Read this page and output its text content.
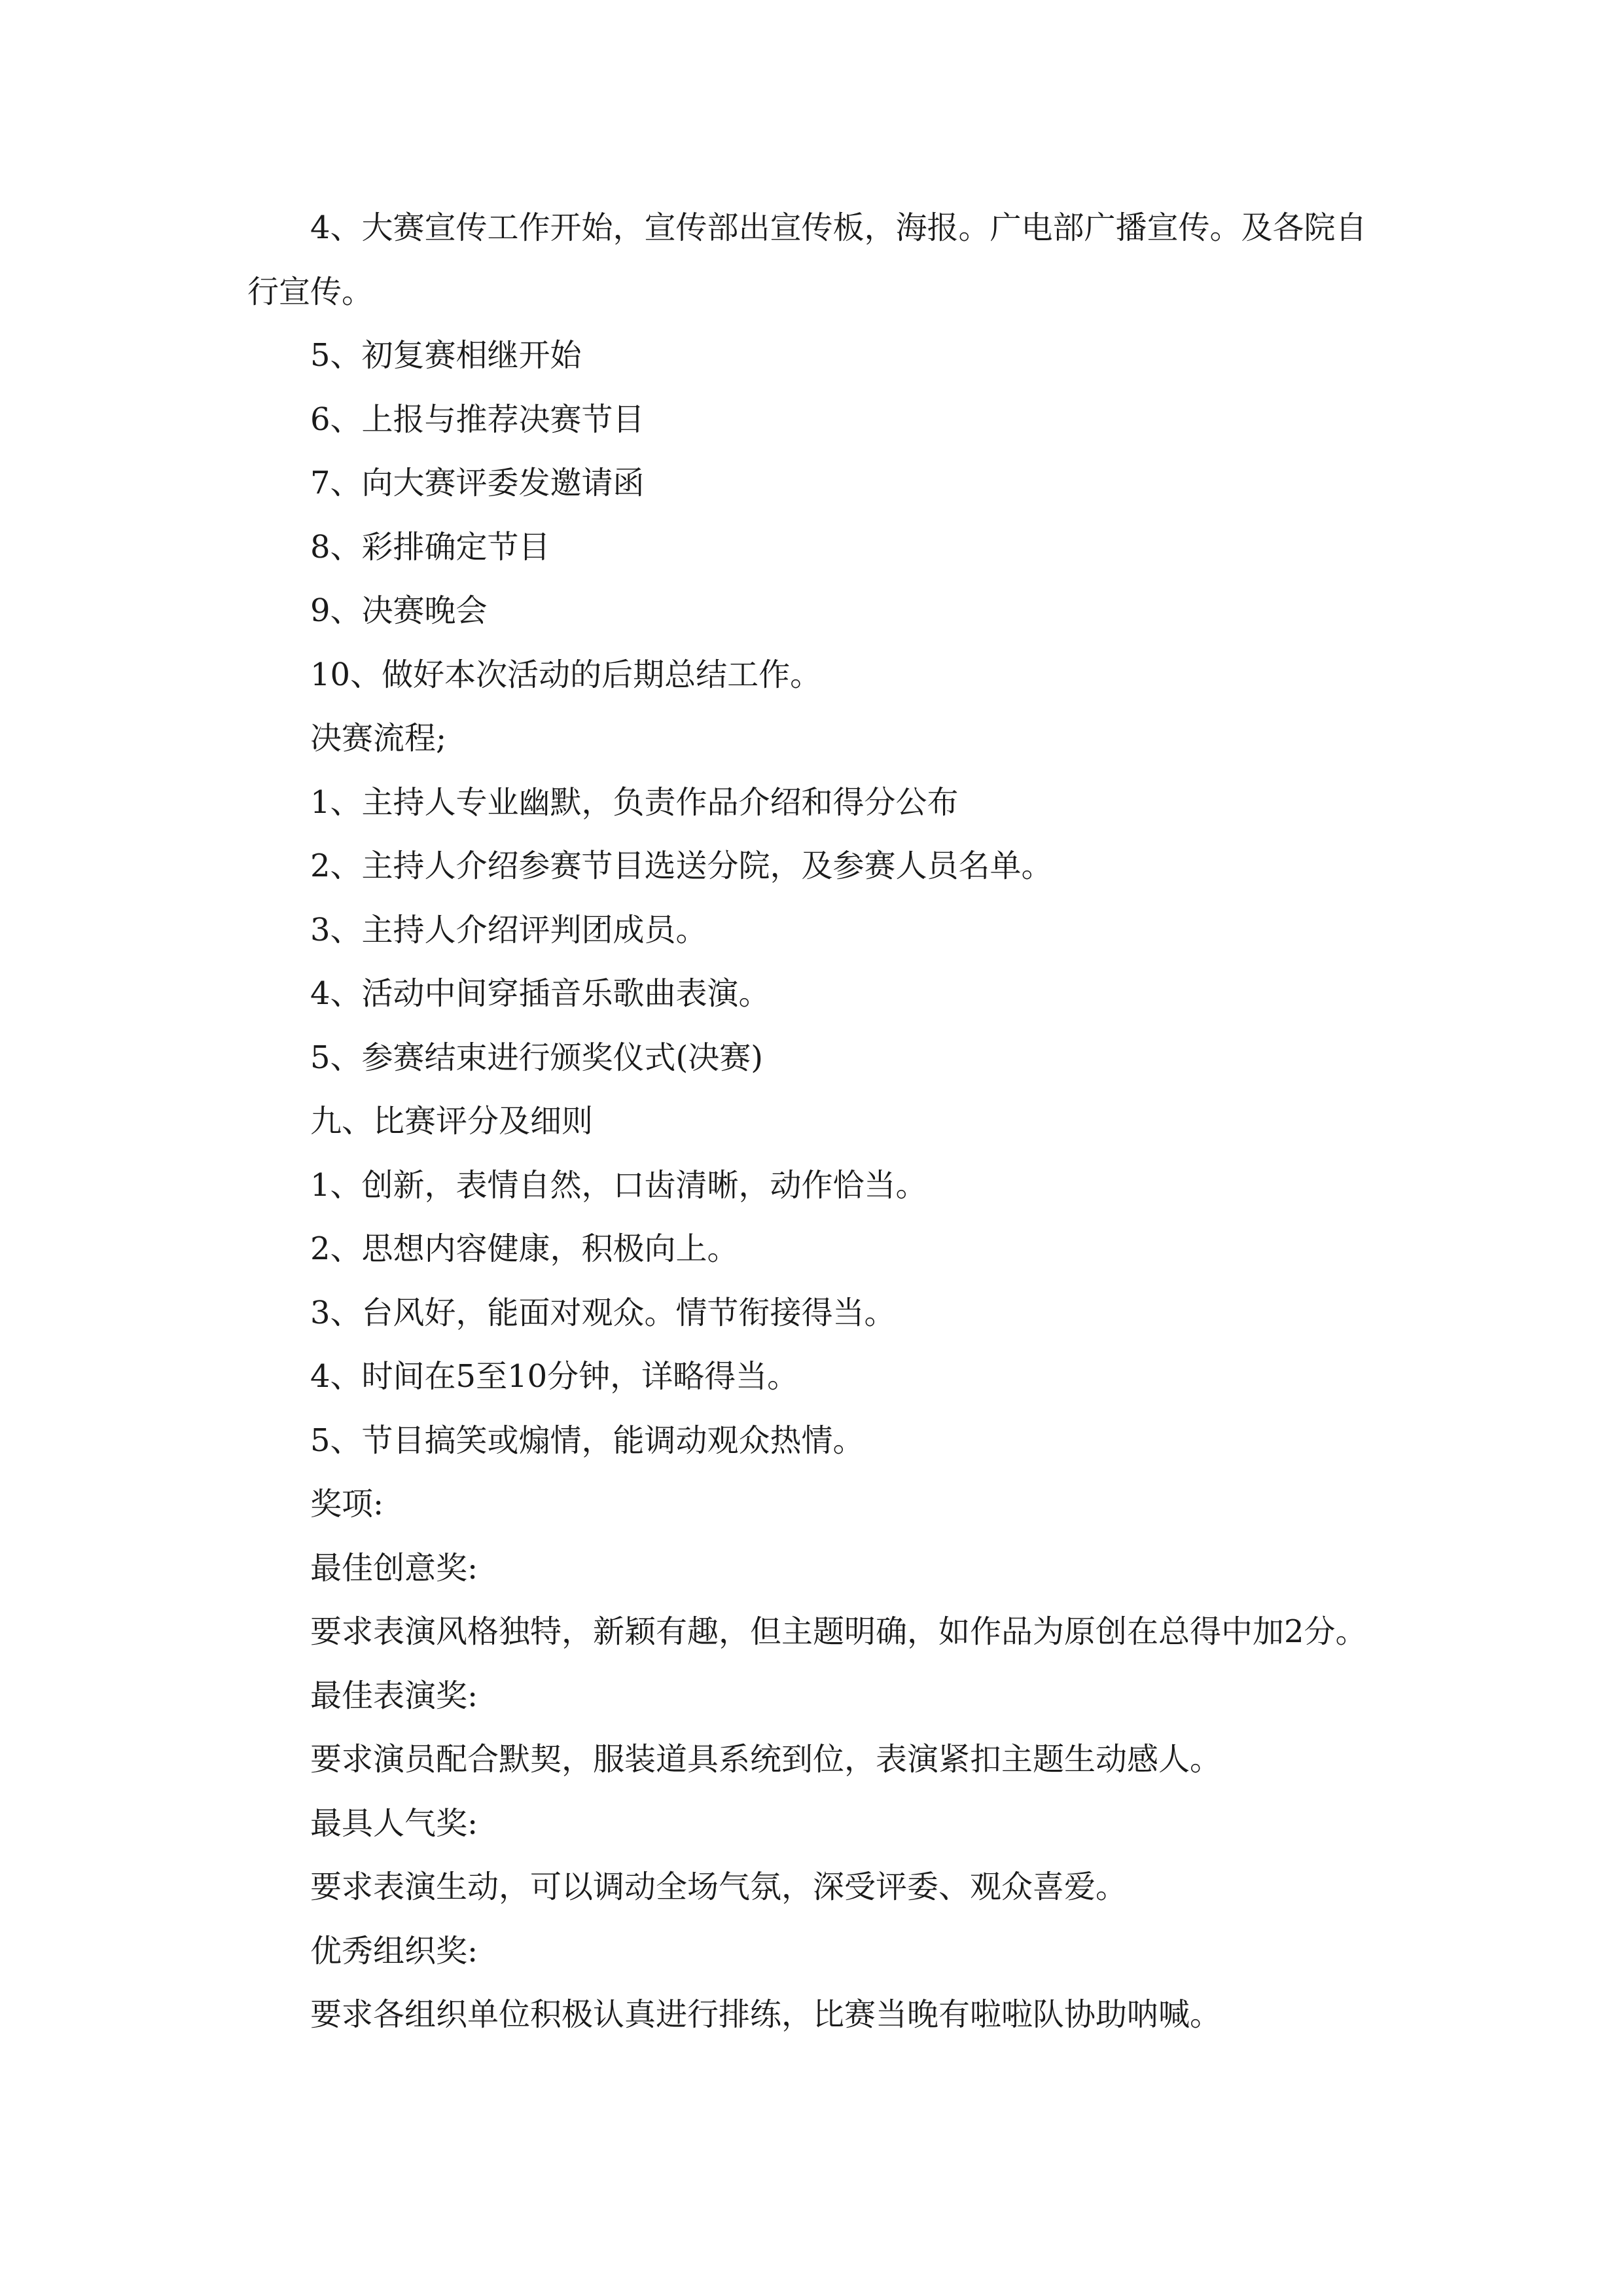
4、大赛宣传工作开始，宣传部出宣传板，海报。广电部广播宣传。及各院自行宣传。

5、初复赛相继开始

6、上报与推荐决赛节目

7、向大赛评委发邀请函

8、彩排确定节目

9、决赛晚会

10、做好本次活动的后期总结工作。

决赛流程;

1、主持人专业幽默，负责作品介绍和得分公布

2、主持人介绍参赛节目选送分院，及参赛人员名单。

3、主持人介绍评判团成员。

4、活动中间穿插音乐歌曲表演。

5、参赛结束进行颁奖仪式(决赛)

九、比赛评分及细则

1、创新，表情自然，口齿清晰，动作恰当。

2、思想内容健康，积极向上。

3、台风好，能面对观众。情节衔接得当。

4、时间在5至10分钟，详略得当。

5、节目搞笑或煽情，能调动观众热情。

奖项:

最佳创意奖:

要求表演风格独特，新颖有趣，但主题明确，如作品为原创在总得中加2分。

最佳表演奖:

要求演员配合默契，服装道具系统到位，表演紧扣主题生动感人。

最具人气奖:

要求表演生动，可以调动全场气氛，深受评委、观众喜爱。

优秀组织奖:

要求各组织单位积极认真进行排练，比赛当晚有啦啦队协助呐喊。
